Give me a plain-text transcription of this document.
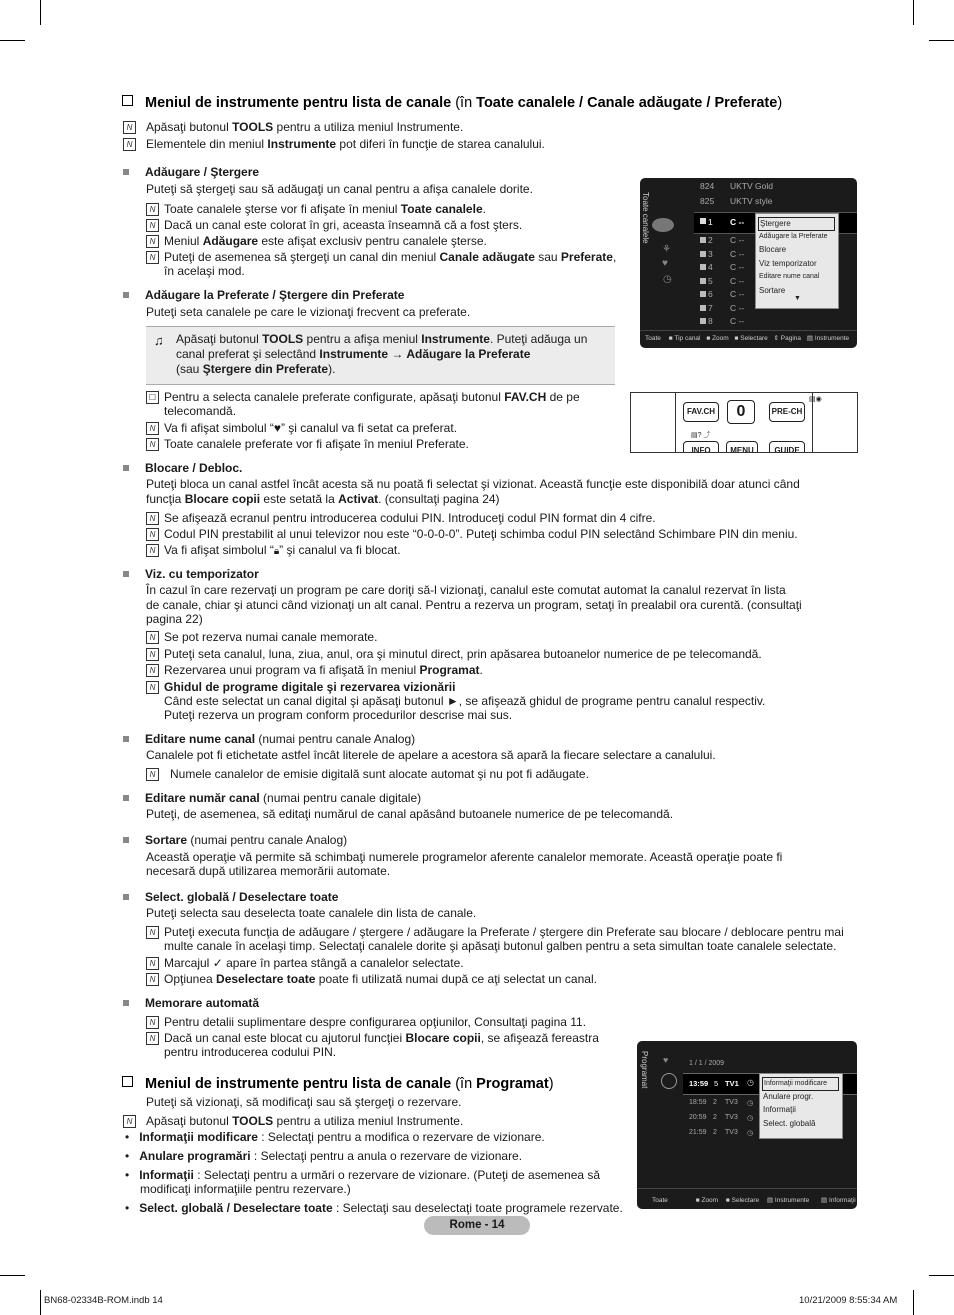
Meniul de instrumente pentru lista de canale (în Toate canalele / Canale adăugate / Preferate)
N	Apăsaţi butonul TOOLS pentru a utiliza meniul Instrumente.
N	Elementele din meniul Instrumente pot diferi în funcţie de starea canalului.
Adăugare / Ştergere
Puteţi să ştergeţi sau să adăugaţi un canal pentru a afişa canalele dorite.
N Toate canalele şterse vor fi afişate în meniul Toate canalele.
N Dacă un canal este colorat în gri, aceasta înseamnă că a fost şters.
N Meniul Adăugare este afişat exclusiv pentru canalele şterse.
N Puteţi de asemenea să ştergeţi un canal din meniul Canale adăugate sau Preferate,
în acelaşi mod.
Toate canalele
⚘
♥
◷
824 UKTV Gold
825 UKTV style
1 C --
2 C --
3 C --
4 C --
5 C --
6 C --
7 C --
8 C --
Ştergere
Adăugare la Preferate
Blocare
Viz temporizator
Editare nume canal
Sortare
▼
Toate ■ Tip canal ■ Zoom ■ Selectare ⇕ Pagina ▤ Instrumente
Adăugare la Preferate / Ştergere din Preferate
Puteţi seta canalele pe care le vizionaţi frecvent ca preferate.
♫ Apăsaţi butonul TOOLS pentru a afişa meniul Instrumente. Puteţi adăuga un
canal preferat şi selectând Instrumente → Adăugare la Preferate
(sau Ştergere din Preferate).
☐ Pentru a selecta canalele preferate configurate, apăsaţi butonul FAV.CH de pe
telecomandă.
N Va fi afişat simbolul “♥” şi canalul va fi setat ca preferat.
N Toate canalele preferate vor fi afişate în meniul Preferate.
FAV.CH	0	PRE-CH
▤◉
▤? ⤴
INFO	MENU	GUIDE
Blocare / Debloc.
Puteţi bloca un canal astfel încât acesta să nu poată fi selectat şi vizionat. Această funcţie este disponibilă doar atunci când
funcţia Blocare copii este setată la Activat. (consultaţi pagina 24)
N Se afişează ecranul pentru introducerea codului PIN. Introduceţi codul PIN format din 4 cifre.
N Codul PIN prestabilit al unui televizor nou este “0-0-0-0”. Puteţi schimba codul PIN selectând Schimbare PIN din meniu.
N Va fi afişat simbolul “🔒︎” şi canalul va fi blocat.
Viz. cu temporizator
În cazul în care rezervaţi un program pe care doriţi să-l vizionaţi, canalul este comutat automat la canalul rezervat în lista
de canale, chiar şi atunci când vizionaţi un alt canal. Pentru a rezerva un program, setaţi în prealabil ora curentă. (consultaţi
pagina 22)
N Se pot rezerva numai canale memorate.
N Puteţi seta canalul, luna, ziua, anul, ora şi minutul direct, prin apăsarea butoanelor numerice de pe telecomandă.
N Rezervarea unui program va fi afişată în meniul Programat.
N Ghidul de programe digitale şi rezervarea vizionării
Când este selectat un canal digital şi apăsaţi butonul ►, se afişează ghidul de programe pentru canalul respectiv.
Puteţi rezerva un program conform procedurilor descrise mai sus.
Editare nume canal (numai pentru canale Analog)
Canalele pot fi etichetate astfel încât literele de apelare a acestora să apară la fiecare selectare a canalului.
N	Numele canalelor de emisie digitală sunt alocate automat şi nu pot fi adăugate.
Editare număr canal (numai pentru canale digitale)
Puteţi, de asemenea, să editaţi numărul de canal apăsând butoanele numerice de pe telecomandă.
Sortare (numai pentru canale Analog)
Această operaţie vă permite să schimbaţi numerele programelor aferente canalelor memorate. Această operaţie poate fi
necesară după utilizarea memorării automate.
Select. globală / Deselectare toate
Puteţi selecta sau deselecta toate canalele din lista de canale.
N Puteţi executa funcţia de adăugare / ştergere / adăugare la Preferate / ştergere din Preferate sau blocare / deblocare pentru mai
multe canale în acelaşi timp. Selectaţi canalele dorite şi apăsaţi butonul galben pentru a seta simultan toate canalele selectate.
N Marcajul ✓ apare în partea stângă a canalelor selectate.
N Opţiunea Deselectare toate poate fi utilizată numai după ce aţi selectat un canal.
Memorare automată
N Pentru detalii suplimentare despre configurarea opţiunilor, Consultaţi pagina 11.
N Dacă un canal este blocat cu ajutorul funcţiei Blocare copii, se afişează fereastra
pentru introducerea codului PIN.
Meniul de instrumente pentru lista de canale (în Programat)
Puteţi să vizionaţi, să modificaţi sau să ştergeţi o rezervare.
N	Apăsaţi butonul TOOLS pentru a utiliza meniul Instrumente.
• Informaţii modificare : Selectaţi pentru a modifica o rezervare de vizionare.
• Anulare programări : Selectaţi pentru a anula o rezervare de vizionare.
• Informaţii : Selectaţi pentru a urmări o rezervare de vizionare. (Puteţi de asemenea să
modificaţi informaţiile pentru rezervare.)
• Select. globală / Deselectare toate : Selectaţi sau deselectaţi toate programele rezervate.
Programat ♥	1 / 1 / 2009
13:59 5 TV1 ◷
18:59 2 TV3 ◷
20:59 2 TV3 ◷
21:59 2 TV3 ◷
Informaţii modificare
Anulare progr.
Informaţii
Select. globală
Toate	■ Zoom ■ Selectare ▤ Instrumente ▤ Informaţii
Rome - 14
BN68-02334B-ROM.indb 14	10/21/2009 8:55:34 AM
